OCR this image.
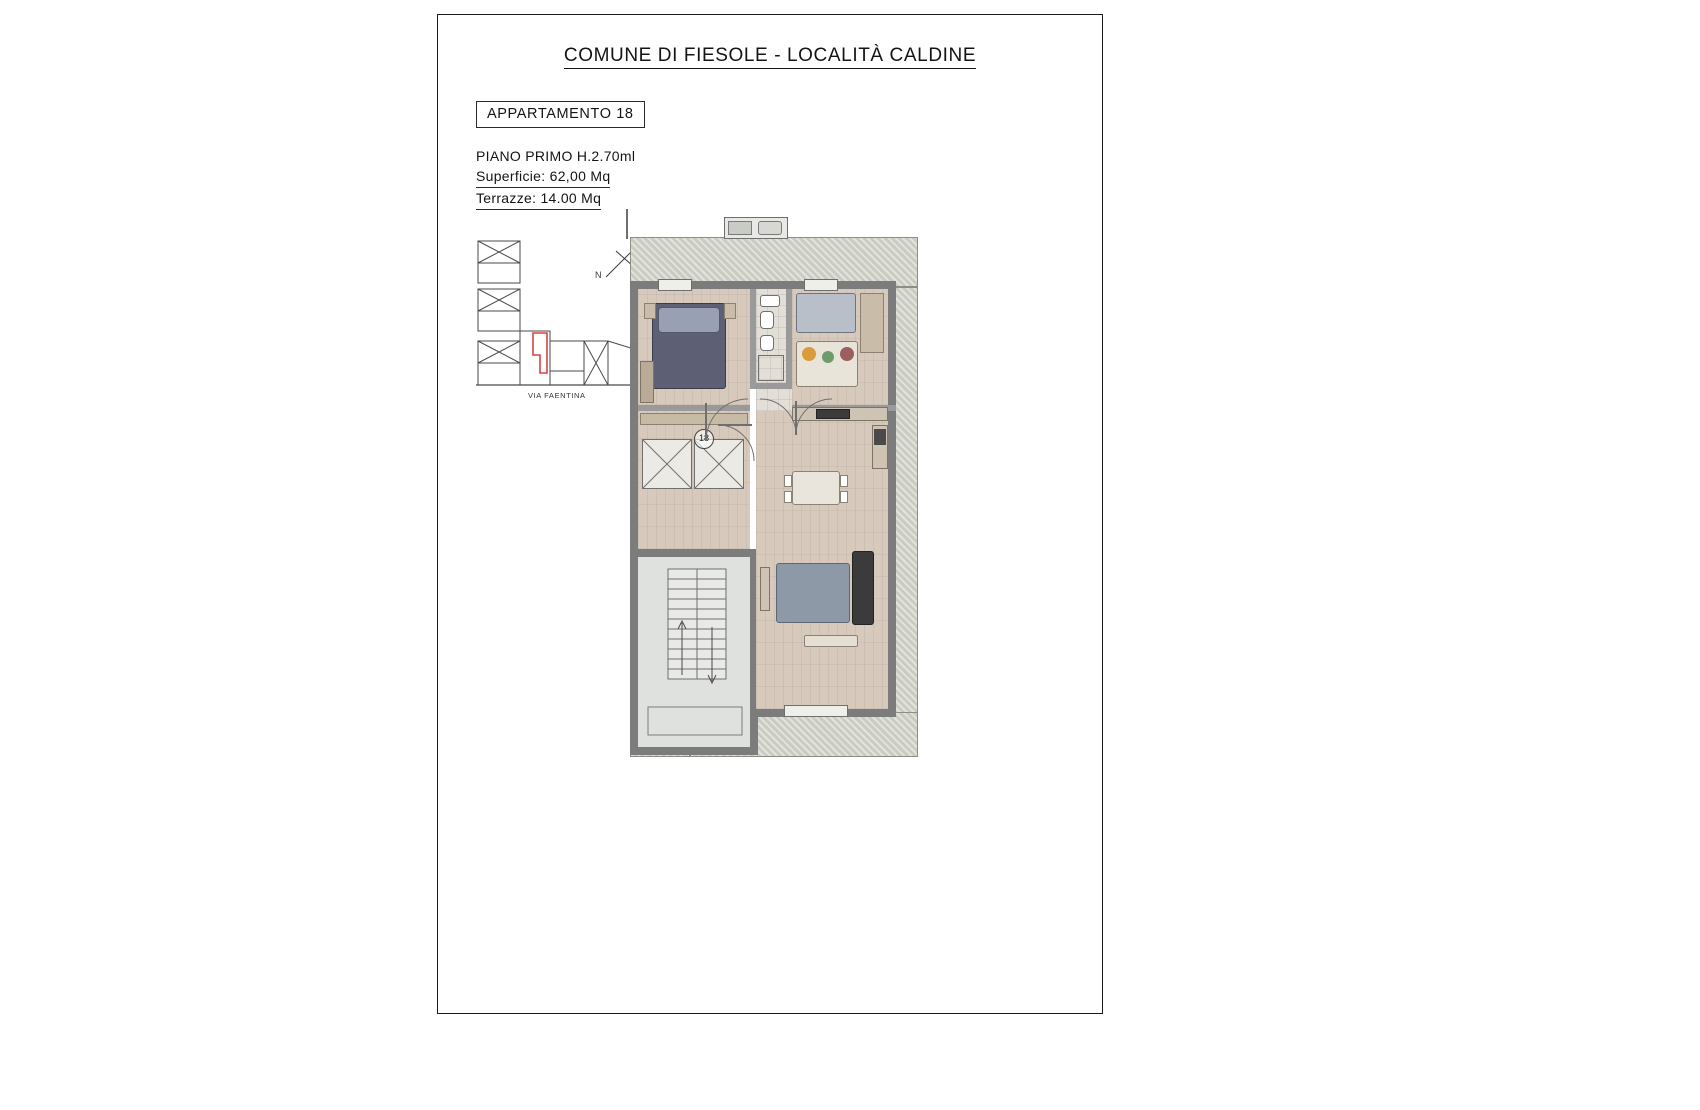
COMUNE DI FIESOLE - LOCALITÀ CALDINE
APPARTAMENTO 18
PIANO PRIMO H.2.70ml
Superficie: 62,00 Mq
Terrazze: 14.00 Mq
VIA FAENTINA
N
18
